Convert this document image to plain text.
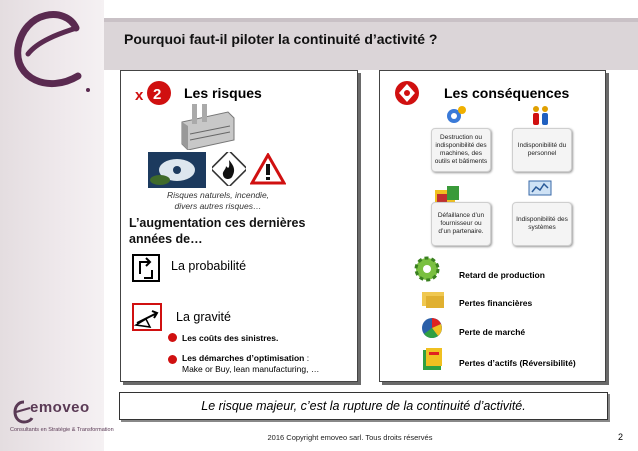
Pourquoi faut-il piloter la continuité d’activité ?
x 2 Les risques
Risques naturels, incendie,
divers autres risques…
L’augmentation ces dernières
années de…
La probabilité
La gravité
Les coûts des sinistres.
Les démarches d’optimisation :
Make or Buy, lean manufacturing, …
Les conséquences
Destruction ou indisponibilité des machines, des outils et bâtiments
Indisponibilité du personnel
Défaillance d’un fournisseur ou d’un partenaire.
Indisponibilité des systèmes
Retard de production
Pertes financières
Perte de marché
Pertes d’actifs (Réversibilité)
Le risque majeur, c’est la rupture de la continuité d’activité.
emoveo
Consultants en Stratégie & Transformation
2016 Copyright emoveo sarl. Tous droits réservés	2
